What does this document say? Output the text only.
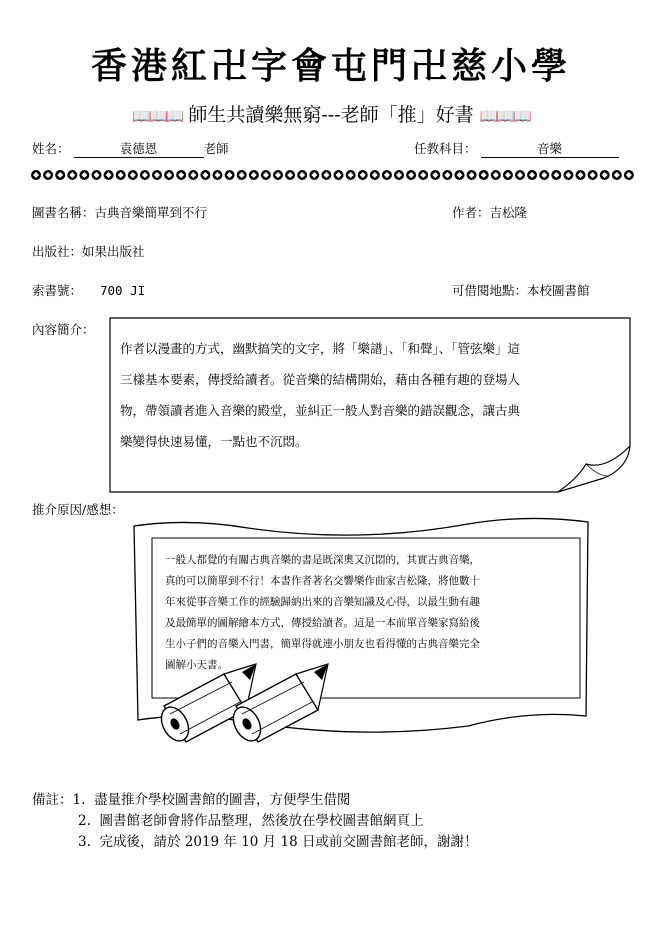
香港紅卍字會屯門卍慈小學
📖📖📖 師生共讀樂無窮---老師「推」好書 📖📖📖
姓名：	袁德恩	老師	任教科目：	音樂
圖書名稱：古典音樂簡單到不行	作者：吉松隆
出版社：如果出版社
索書號： 700 JI	可借閱地點：本校圖書館
內容簡介：
作者以漫畫的方式，幽默搞笑的文字，將「樂譜」、「和聲」、「管弦樂」這
三樣基本要素，傳授給讀者。從音樂的結構開始，藉由各種有趣的登場人
物，帶領讀者進入音樂的殿堂，並糾正一般人對音樂的錯誤觀念，讓古典
樂變得快速易懂，一點也不沉悶。
推介原因/感想：
一般人都覺的有關古典音樂的書是既深奧又沉悶的，其實古典音樂，
真的可以簡單到不行！本書作者著名交響樂作曲家吉松隆，將他數十
年來從事音樂工作的經驗歸納出來的音樂知識及心得，以最生動有趣
及最簡單的圖解繪本方式，傳授給讀者。這是一本前單音樂家寫給後
生小子們的音樂入門書，簡單得就連小朋友也看得懂的古典音樂完全
圖解小天書。
備註：1. 盡量推介學校圖書館的圖書，方便學生借閱
2. 圖書館老師會將作品整理，然後放在學校圖書館網頁上
3. 完成後，請於 2019 年 10 月 18 日或前交圖書館老師，謝謝！
